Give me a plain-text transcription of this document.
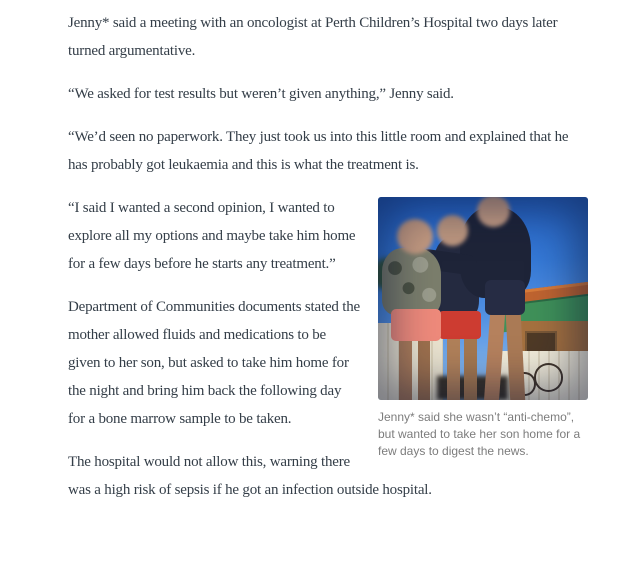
Jenny* said a meeting with an oncologist at Perth Children’s Hospital two days later turned argumentative.

“We asked for test results but weren’t given anything,” Jenny said.

“We’d seen no paperwork. They just took us into this little room and explained that he has probably got leukaemia and this is what the treatment is.

Jenny* said she wasn’t “anti-chemo”, but wanted to take her son home for a few days to digest the news.

“I said I wanted a second opinion, I wanted to explore all my options and maybe take him home for a few days before he starts any treatment.”

Department of Communities documents stated the mother allowed fluids and medications to be given to her son, but asked to take him home for the night and bring him back the following day for a bone marrow sample to be taken.

The hospital would not allow this, warning there was a high risk of sepsis if he got an infection outside hospital.
